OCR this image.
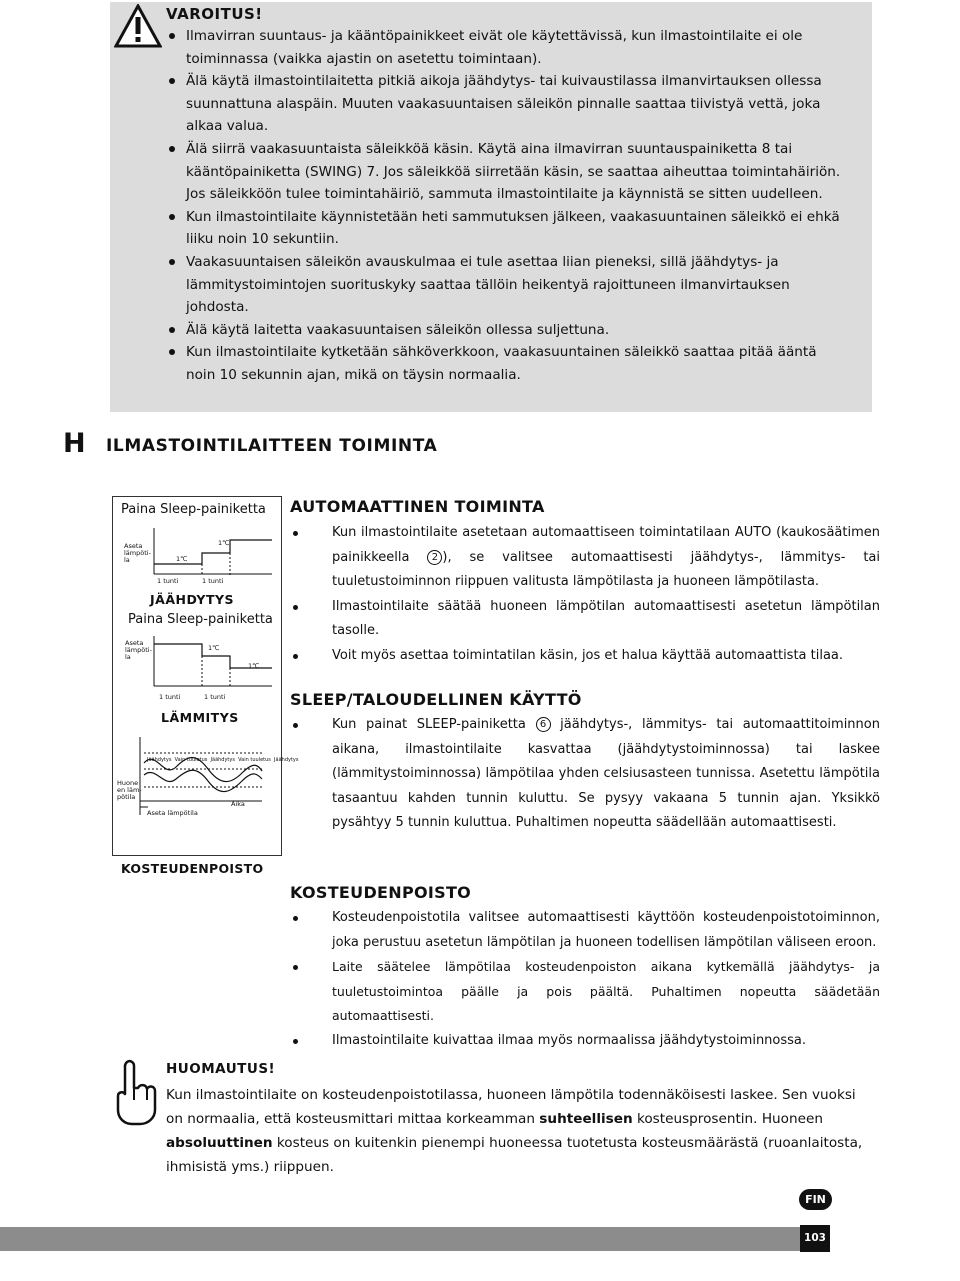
VAROITUS!
Ilmavirran suuntaus- ja kääntöpainikkeet eivät ole käytettävissä, kun ilmastointilaite ei ole toiminnassa (vaikka ajastin on asetettu toimintaan).
Älä käytä ilmastointilaitetta pitkiä aikoja jäähdytys- tai kuivaustilassa ilmanvirtauksen ollessa suunnattuna alaspäin. Muuten vaakasuuntaisen säleikön pinnalle saattaa tiivistyä vettä, joka alkaa valua.
Älä siirrä vaakasuuntaista säleikköä käsin. Käytä aina ilmavirran suuntauspainiketta 8 tai kääntöpainiketta (SWING) 7. Jos säleikköä siirretään käsin, se saattaa aiheuttaa toimintahäiriön. Jos säleikköön tulee toimintahäiriö, sammuta ilmastointilaite ja käynnistä se sitten uudelleen.
Kun ilmastointilaite käynnistetään heti sammutuksen jälkeen, vaakasuuntainen säleikkö ei ehkä liiku noin 10 sekuntiin.
Vaakasuuntaisen säleikön avauskulmaa ei tule asettaa liian pieneksi, sillä jäähdytys- ja lämmitystoimintojen suorituskyky saattaa tällöin heikentyä rajoittuneen ilmanvirtauksen johdosta.
Älä käytä laitetta vaakasuuntaisen säleikön ollessa suljettuna.
Kun ilmastointilaite kytketään sähköverkkoon, vaakasuuntainen säleikkö saattaa pitää ääntä noin 10 sekunnin ajan, mikä on täysin normaalia.
H ILMASTOINTILAITTEEN TOIMINTA
Paina Sleep-painiketta
Aseta lämpöti- la	1℃
1℃
1 tunti	1 tunti
JÄÄHDYTYS
Paina Sleep-painiketta
Aseta lämpöti- la
1℃
1℃
1 tunti	1 tunti
LÄMMITYS
Jäähdytys  Vain tuuletus  Jäähdytys  Vain tuuletus  Jäähdytys
Huone en läm- pötila
Aika
Aseta lämpötila
KOSTEUDENPOISTO
AUTOMAATTINEN TOIMINTA
Kun ilmastointilaite asetetaan automaattiseen toimintatilaan AUTO (kaukosäätimen painikkeella 2 ), se valitsee automaattisesti jäähdytys-, lämmitys- tai tuuletustoiminnon riippuen valitusta lämpötilasta ja huoneen lämpötilasta.
Ilmastointilaite säätää huoneen lämpötilan automaattisesti asetetun lämpötilan tasolle.
Voit myös asettaa toimintatilan käsin, jos et halua käyttää automaattista tilaa.
SLEEP/TALOUDELLINEN KÄYTTÖ
Kun painat SLEEP-painiketta 6 jäähdytys-, lämmitys- tai automaattitoiminnon aikana, ilmastointilaite kasvattaa (jäähdytystoiminnossa) tai laskee (lämmitystoiminnossa) lämpötilaa yhden celsiusasteen tunnissa. Asetettu lämpötila tasaantuu kahden tunnin kuluttu. Se pysyy vakaana 5 tunnin ajan. Yksikkö pysähtyy 5 tunnin kuluttua. Puhaltimen nopeutta säädellään automaattisesti.
KOSTEUDENPOISTO
Kosteudenpoistotila valitsee automaattisesti käyttöön kosteudenpoistotoiminnon, joka perustuu asetetun lämpötilan ja huoneen todellisen lämpötilan väliseen eroon.
Laite säätelee lämpötilaa kosteudenpoiston aikana kytkemällä jäähdytys- ja tuuletustoimintoa päälle ja pois päältä. Puhaltimen nopeutta säädetään automaattisesti.
Ilmastointilaite kuivattaa ilmaa myös normaalissa jäähdytystoiminnossa.
HUOMAUTUS!

Kun ilmastointilaite on kosteudenpoistotilassa, huoneen lämpötila todennäköisesti laskee. Sen vuoksi on normaalia, että kosteusmittari mittaa korkeamman suhteellisen kosteusprosentin. Huoneen absoluuttinen kosteus on kuitenkin pienempi huoneessa tuotetusta kosteusmäärästä (ruoanlaitosta, ihmisistä yms.) riippuen.

FIN
103
